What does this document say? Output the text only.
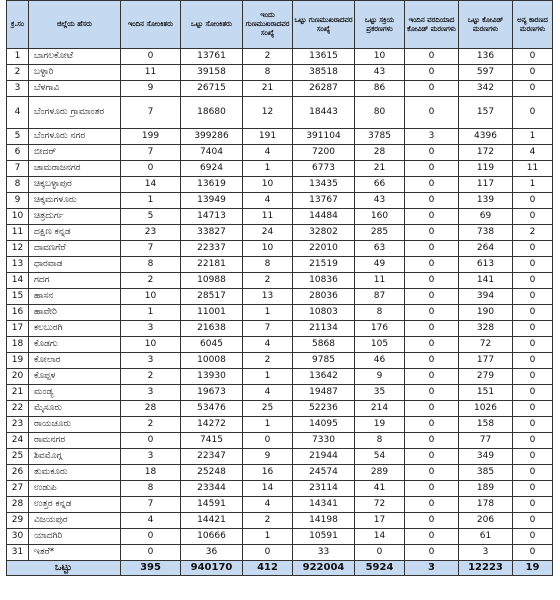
ಕ್ರ.ಸಂ	ಜಿಲ್ಲೆಯ ಹೆಸರು	ಇಂದಿನ ಸೋಂಕಿತರು	ಒಟ್ಟು ಸೋಂಕಿತರು	ಇಂದು ಗುಣಮುಖರಾದವರ ಸಂಖ್ಯೆ	ಒಟ್ಟು ಗುಣಮುಖರಾದವರ ಸಂಖ್ಯೆ	ಒಟ್ಟು ಸಕ್ರಿಯ ಪ್ರಕರಣಗಳು	ಇಂದಿನ ವರದಿಯಾದ ಕೋವಿಡ್ ಮರಣಗಳು	ಒಟ್ಟು ಕೋವಿಡ್ ಮರಣಗಳು	ಅನ್ಯ ಕಾರಣದ ಮರಣಗಳು
1	ಬಾಗಲಕೋಟೆ	0	13761	2	13615	10	0	136	0
2	ಬಳ್ಳಾರಿ	11	39158	8	38518	43	0	597	0
3	ಬೆಳಗಾವಿ	9	26715	21	26287	86	0	342	0
4	ಬೆಂಗಳೂರು ಗ್ರಾಮಾಂತರ	7	18680	12	18443	80	0	157	0
5	ಬೆಂಗಳೂರು ನಗರ	199	399286	191	391104	3785	3	4396	1
6	ಬೀದರ್	7	7404	4	7200	28	0	172	4
7	ಚಾಮರಾಜನಗರ	0	6924	1	6773	21	0	119	11
8	ಚಿಕ್ಕಬಳ್ಳಾಪುರ	14	13619	10	13435	66	0	117	1
9	ಚಿಕ್ಕಮಗಳೂರು	1	13949	4	13767	43	0	139	0
10	ಚಿತ್ರದುರ್ಗ	5	14713	11	14484	160	0	69	0
11	ದಕ್ಷಿಣ ಕನ್ನಡ	23	33827	24	32802	285	0	738	2
12	ದಾವಣಗೆರೆ	7	22337	10	22010	63	0	264	0
13	ಧಾರವಾಡ	8	22181	8	21519	49	0	613	0
14	ಗದಗ	2	10988	2	10836	11	0	141	0
15	ಹಾಸನ	10	28517	13	28036	87	0	394	0
16	ಹಾವೇರಿ	1	11001	1	10803	8	0	190	0
17	ಕಲಬುರಗಿ	3	21638	7	21134	176	0	328	0
18	ಕೊಡಗು	10	6045	4	5868	105	0	72	0
19	ಕೋಲಾರ	3	10008	2	9785	46	0	177	0
20	ಕೊಪ್ಪಳ	2	13930	1	13642	9	0	279	0
21	ಮಂಡ್ಯ	3	19673	4	19487	35	0	151	0
22	ಮೈಸೂರು	28	53476	25	52236	214	0	1026	0
23	ರಾಯಚೂರು	2	14272	1	14095	19	0	158	0
24	ರಾಮನಗರ	0	7415	0	7330	8	0	77	0
25	ಶಿವಮೊಗ್ಗ	3	22347	9	21944	54	0	349	0
26	ತುಮಕೂರು	18	25248	16	24574	289	0	385	0
27	ಉಡುಪಿ	8	23344	14	23114	41	0	189	0
28	ಉತ್ತರ ಕನ್ನಡ	7	14591	4	14341	72	0	178	0
29	ವಿಜಯಪುರ	4	14421	2	14198	17	0	206	0
30	ಯಾದಗಿರಿ	0	10666	1	10591	14	0	61	0
31	ಇತರೆ*	0	36	0	33	0	0	3	0
ಒಟ್ಟು		395	940170	412	922004	5924	3	12223	19
